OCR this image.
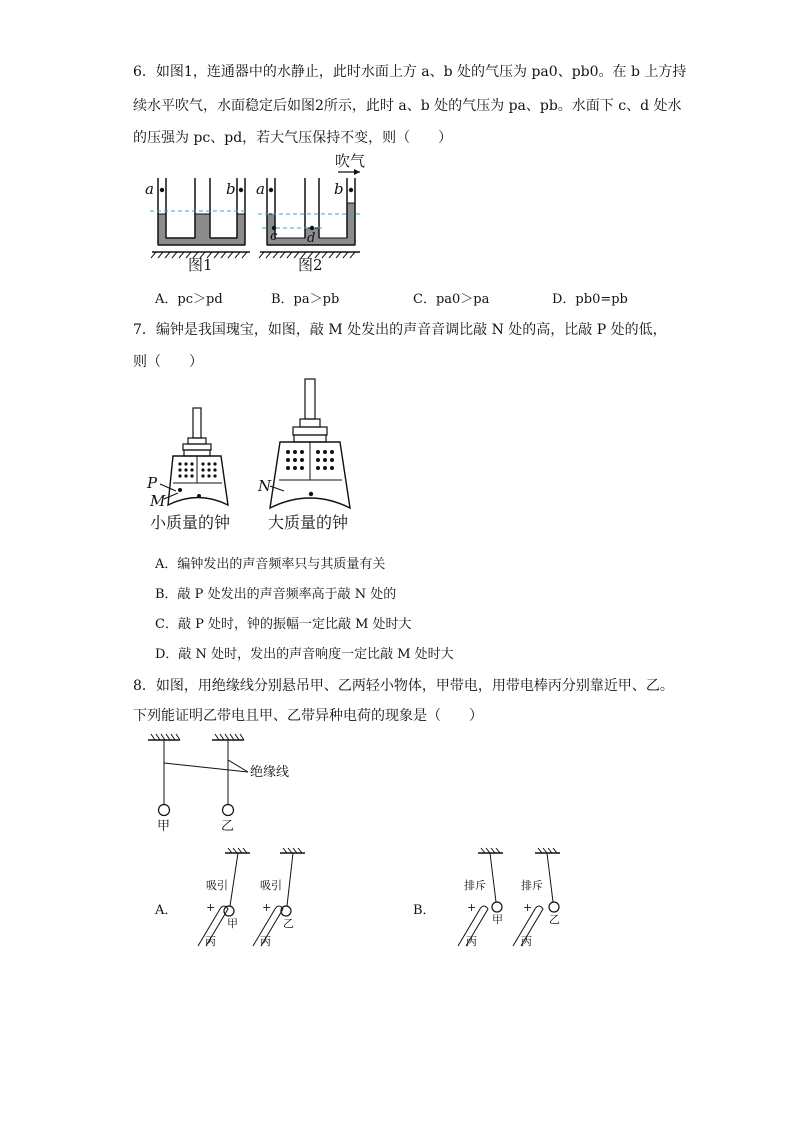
6．如图1，连通器中的水静止，此时水面上方 a、b 处的气压为 pa0、pb0。在 b 上方持
续水平吹气，水面稳定后如图2所示，此时 a、b 处的气压为 pa、pb。水面下 c、d 处水
的压强为 pc、pd，若大气压保持不变，则（　　）
a	b a	b
c d
吹气
图1	图2
A．pc＞pd	B．pa＞pb	C．pa0＞pa	D．pb0=pb
7．编钟是我国瑰宝，如图，敲 M 处发出的声音音调比敲 N 处的高，比敲 P 处的低，
则（　　）
P
M
N
小质量的钟 大质量的钟
A．编钟发出的声音频率只与其质量有关
B．敲 P 处发出的声音频率高于敲 N 处的
C．敲 P 处时，钟的振幅一定比敲 M 处时大
D．敲 N 处时，发出的声音响度一定比敲 M 处时大
8．如图，用绝缘线分别悬吊甲、乙两轻小物体，甲带电，用带电棒丙分别靠近甲、乙。
下列能证明乙带电且甲、乙带异种电荷的现象是（　　）
绝缘线
甲	乙
A．
吸引	吸引
+	+
甲	乙
丙	丙
B．
排斥	排斥
+	+
甲	乙
丙	丙
